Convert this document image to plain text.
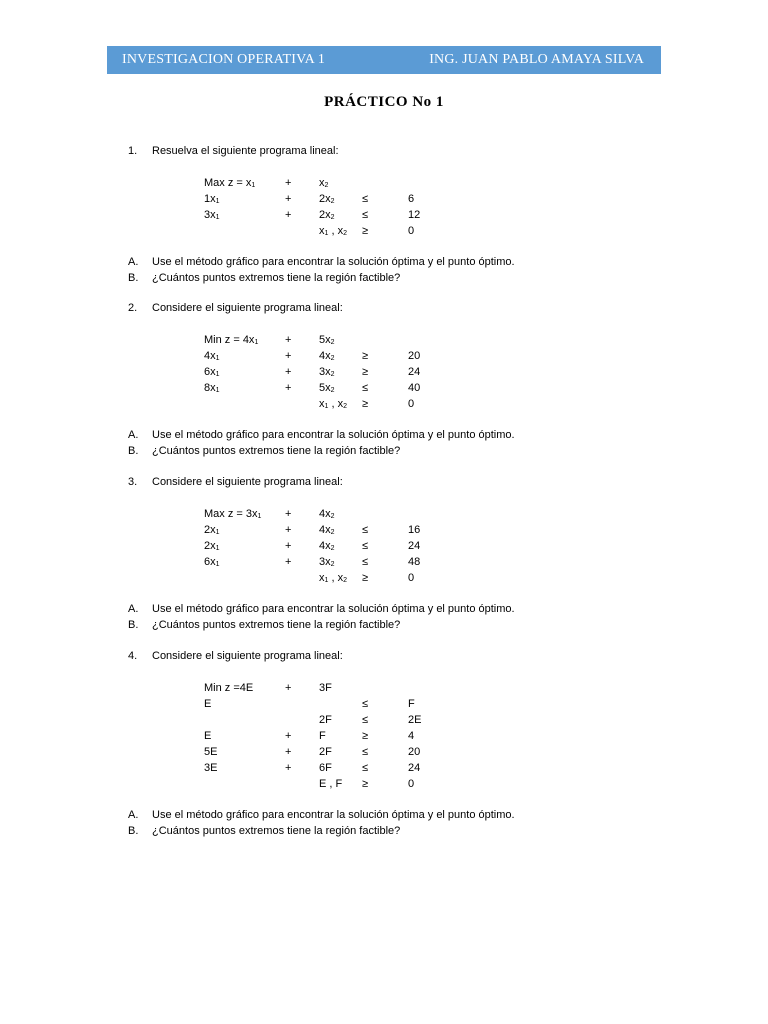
INVESTIGACION OPERATIVA 1	ING. JUAN PABLO AMAYA SILVA
PRÁCTICO No 1
1. Resuelva el siguiente programa lineal:
Max z = x1	+	x2
1x1	+	2x2 ≤	6
3x1	+	2x2 ≤	12
x1 , x2 ≥	0
A. Use el método gráfico para encontrar la solución óptima y el punto óptimo.
B. ¿Cuántos puntos extremos tiene la región factible?
2. Considere el siguiente programa lineal:
Min z = 4x1 +	5x2
4x1	+	4x2 ≥	20
6x1	+	3x2 ≥	24
8x1	+	5x2 ≤	40
x1 , x2 ≥	0
A. Use el método gráfico para encontrar la solución óptima y el punto óptimo.
B. ¿Cuántos puntos extremos tiene la región factible?
3. Considere el siguiente programa lineal:
Max z = 3x1 +	4x2
2x1	+	4x2 ≤	16
2x1	+	4x2 ≤	24
6x1	+	3x2 ≤	48
x1 , x2 ≥	0
A. Use el método gráfico para encontrar la solución óptima y el punto óptimo.
B. ¿Cuántos puntos extremos tiene la región factible?
4. Considere el siguiente programa lineal:
Min z =4E	+	3F
E	≤	F
2F	≤	2E
E	+	F	≥	4
5E	+	2F	≤	20
3E	+	6F	≤	24
E , F ≥	0
A. Use el método gráfico para encontrar la solución óptima y el punto óptimo.
B. ¿Cuántos puntos extremos tiene la región factible?
